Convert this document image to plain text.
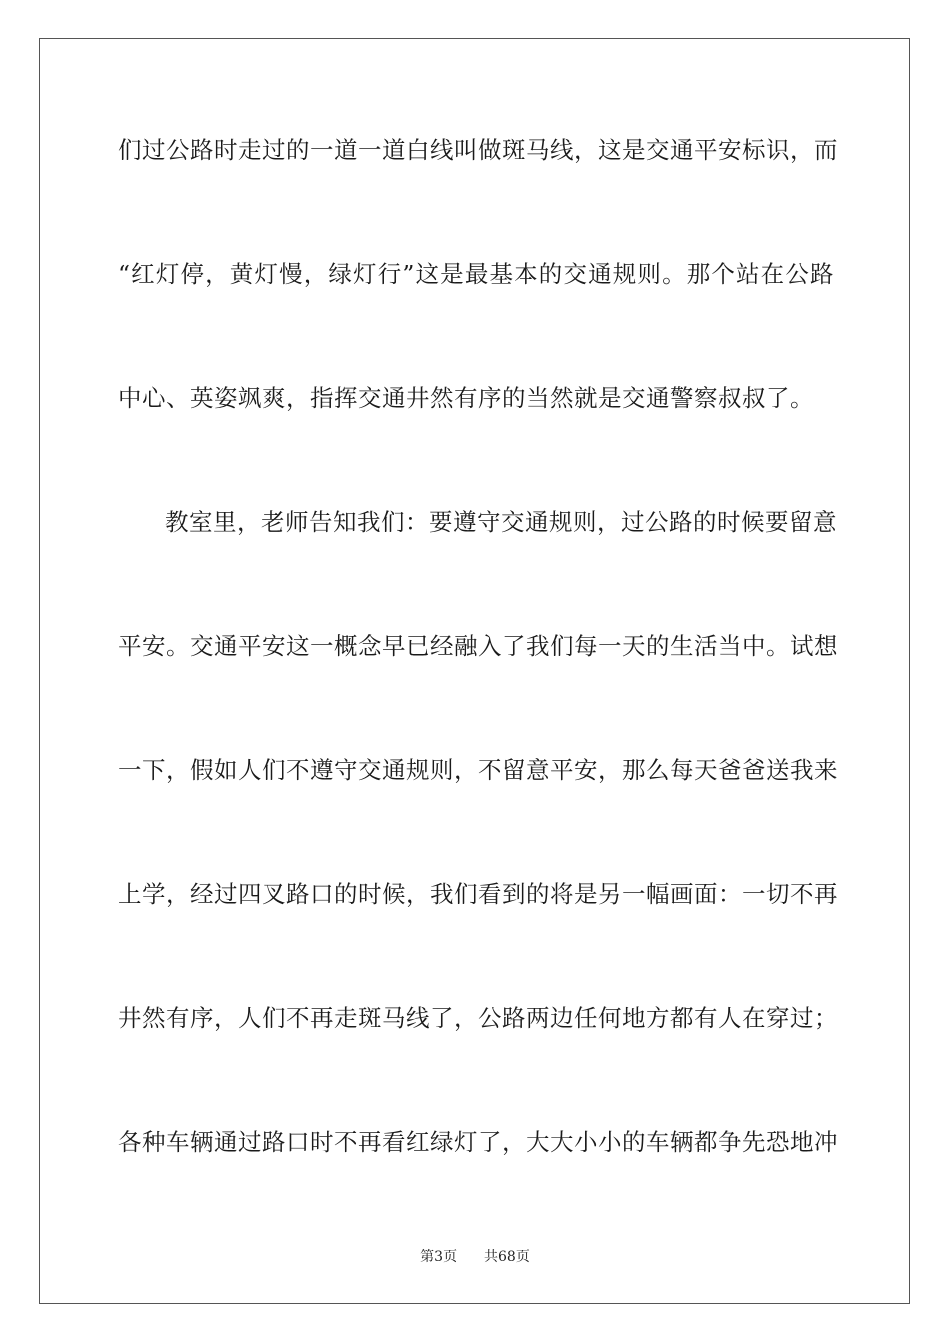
们过公路时走过的一道一道白线叫做斑马线，这是交通平安标识，而
“红灯停，黄灯慢，绿灯行”这是最基本的交通规则。那个站在公路
中心、英姿飒爽，指挥交通井然有序的当然就是交通警察叔叔了。
教室里，老师告知我们：要遵守交通规则，过公路的时候要留意
平安。交通平安这一概念早已经融入了我们每一天的生活当中。试想
一下，假如人们不遵守交通规则，不留意平安，那么每天爸爸送我来
上学，经过四叉路口的时候，我们看到的将是另一幅画面：一切不再
井然有序，人们不再走斑马线了，公路两边任何地方都有人在穿过；
各种车辆通过路口时不再看红绿灯了，大大小小的车辆都争先恐地冲
第3页 共68页
